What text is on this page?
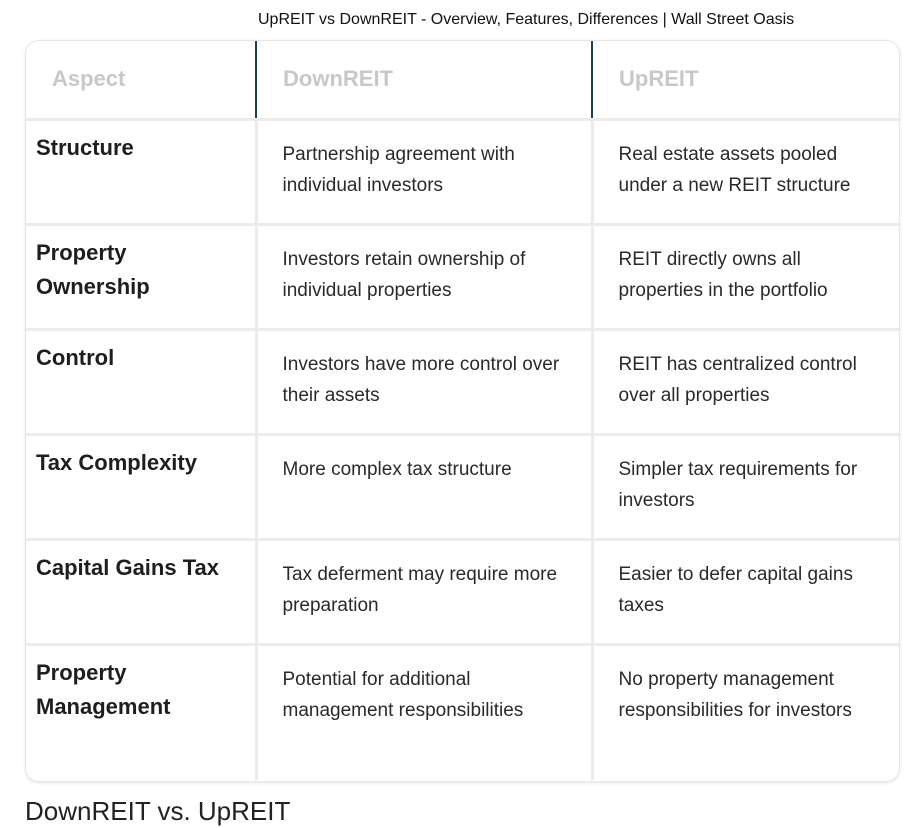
UpREIT vs DownREIT - Overview, Features, Differences | Wall Street Oasis
Aspect	DownREIT	UpREIT
Structure	Partnership agreement with individual investors	Real estate assets pooled under a new REIT structure
Property Ownership	Investors retain ownership of individual properties	REIT directly owns all properties in the portfolio
Control	Investors have more control over their assets	REIT has centralized control over all properties
Tax Complexity	More complex tax structure	Simpler tax requirements for investors
Capital Gains Tax	Tax deferment may require more preparation	Easier to defer capital gains taxes
Property Management	Potential for additional management responsibilities	No property management responsibilities for investors
DownREIT vs. UpREIT
